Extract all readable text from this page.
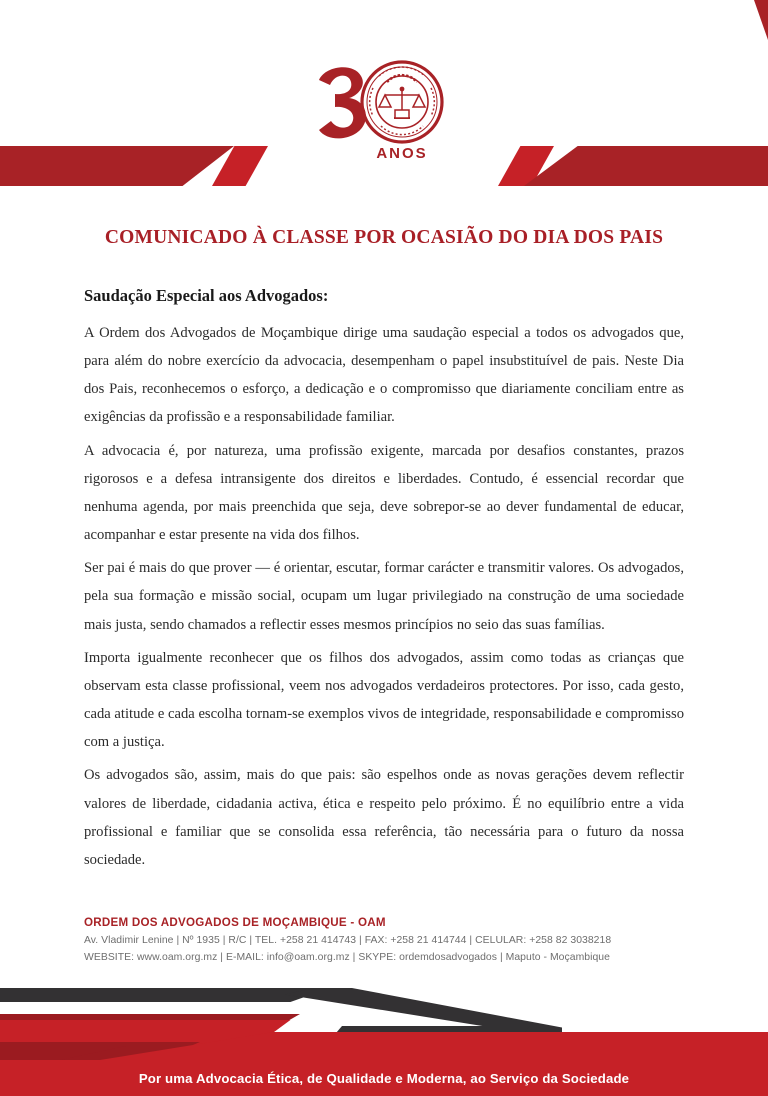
ANOS
COMUNICADO À CLASSE POR OCASIÃO DO DIA DOS PAIS
Saudação Especial aos Advogados:

A Ordem dos Advogados de Moçambique dirige uma saudação especial a todos os advogados que, para além do nobre exercício da advocacia, desempenham o papel insubstituível de pais. Neste Dia dos Pais, reconhecemos o esforço, a dedicação e o compromisso que diariamente conciliam entre as exigências da profissão e a responsabilidade familiar.

A advocacia é, por natureza, uma profissão exigente, marcada por desafios constantes, prazos rigorosos e a defesa intransigente dos direitos e liberdades. Contudo, é essencial recordar que nenhuma agenda, por mais preenchida que seja, deve sobrepor-se ao dever fundamental de educar, acompanhar e estar presente na vida dos filhos.

Ser pai é mais do que prover — é orientar, escutar, formar carácter e transmitir valores. Os advogados, pela sua formação e missão social, ocupam um lugar privilegiado na construção de uma sociedade mais justa, sendo chamados a reflectir esses mesmos princípios no seio das suas famílias.

Importa igualmente reconhecer que os filhos dos advogados, assim como todas as crianças que observam esta classe profissional, veem nos advogados verdadeiros protectores. Por isso, cada gesto, cada atitude e cada escolha tornam-se exemplos vivos de integridade, responsabilidade e compromisso com a justiça.

Os advogados são, assim, mais do que pais: são espelhos onde as novas gerações devem reflectir valores de liberdade, cidadania activa, ética e respeito pelo próximo. É no equilíbrio entre a vida profissional e familiar que se consolida essa referência, tão necessária para o futuro da nossa sociedade.

ORDEM DOS ADVOGADOS DE MOÇAMBIQUE - OAM
Av. Vladimir Lenine | Nº 1935 | R/C | TEL. +258 21 414743 | FAX: +258 21 414744 | CELULAR: +258 82 3038218
WEBSITE: www.oam.org.mz | E-MAIL: info@oam.org.mz | SKYPE: ordemdosadvogados | Maputo - Moçambique
Por uma Advocacia Ética, de Qualidade e Moderna, ao Serviço da Sociedade
